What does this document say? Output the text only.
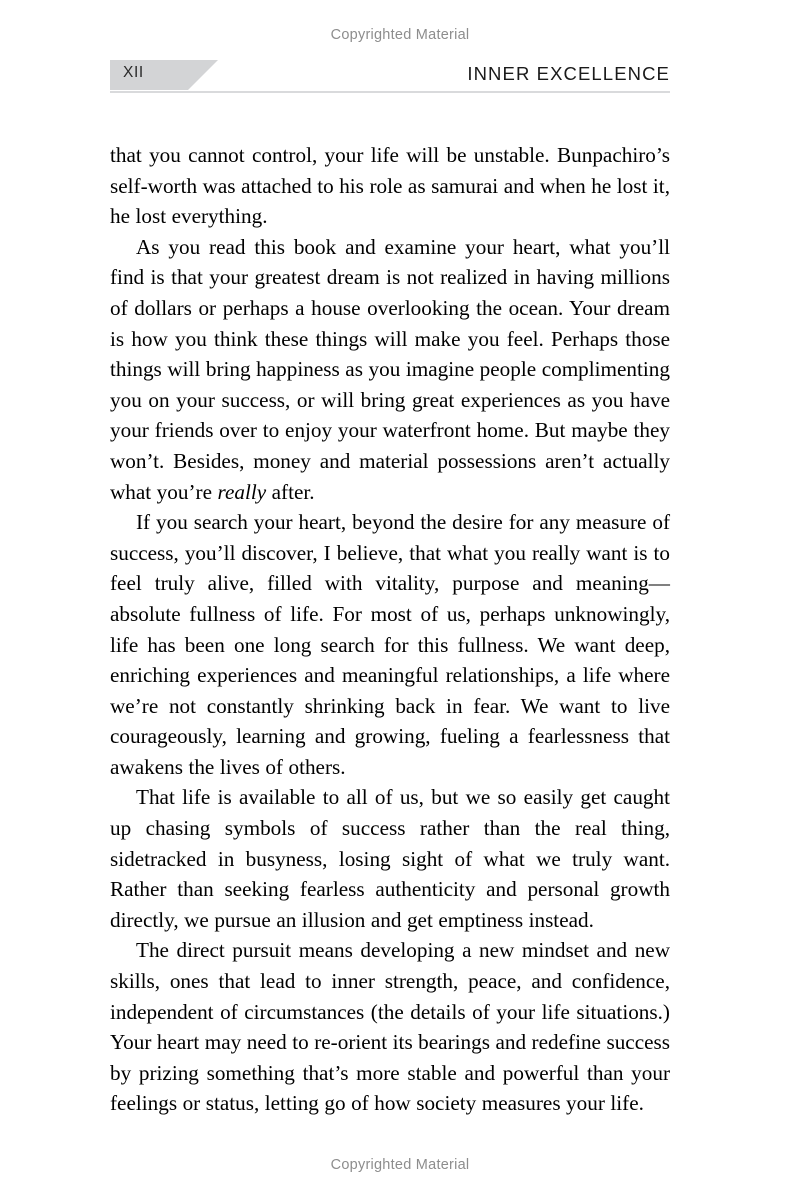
Copyrighted Material
XII	INNER EXCELLENCE

that you cannot control, your life will be unstable. Bunpachiro’s self-worth was attached to his role as samurai and when he lost it, he lost everything.

As you read this book and examine your heart, what you’ll find is that your greatest dream is not realized in having millions of dollars or perhaps a house overlooking the ocean. Your dream is how you think these things will make you feel. Perhaps those things will bring happiness as you imagine people complimenting you on your success, or will bring great experiences as you have your friends over to enjoy your waterfront home. But maybe they won’t. Besides, money and material possessions aren’t actually what you’re really after.

If you search your heart, beyond the desire for any measure of success, you’ll discover, I believe, that what you really want is to feel truly alive, filled with vitality, purpose and meaning—absolute fullness of life. For most of us, perhaps unknowingly, life has been one long search for this fullness. We want deep, enriching experiences and meaningful relationships, a life where we’re not constantly shrinking back in fear. We want to live courageously, learning and growing, fueling a fearlessness that awakens the lives of others.

That life is available to all of us, but we so easily get caught up chasing symbols of success rather than the real thing, sidetracked in busyness, losing sight of what we truly want. Rather than seeking fearless authenticity and personal growth directly, we pursue an illusion and get emptiness instead.

The direct pursuit means developing a new mindset and new skills, ones that lead to inner strength, peace, and confidence, independent of circumstances (the details of your life situations.) Your heart may need to re-orient its bearings and redefine success by prizing something that’s more stable and powerful than your feelings or status, letting go of how society measures your life.

Copyrighted Material
